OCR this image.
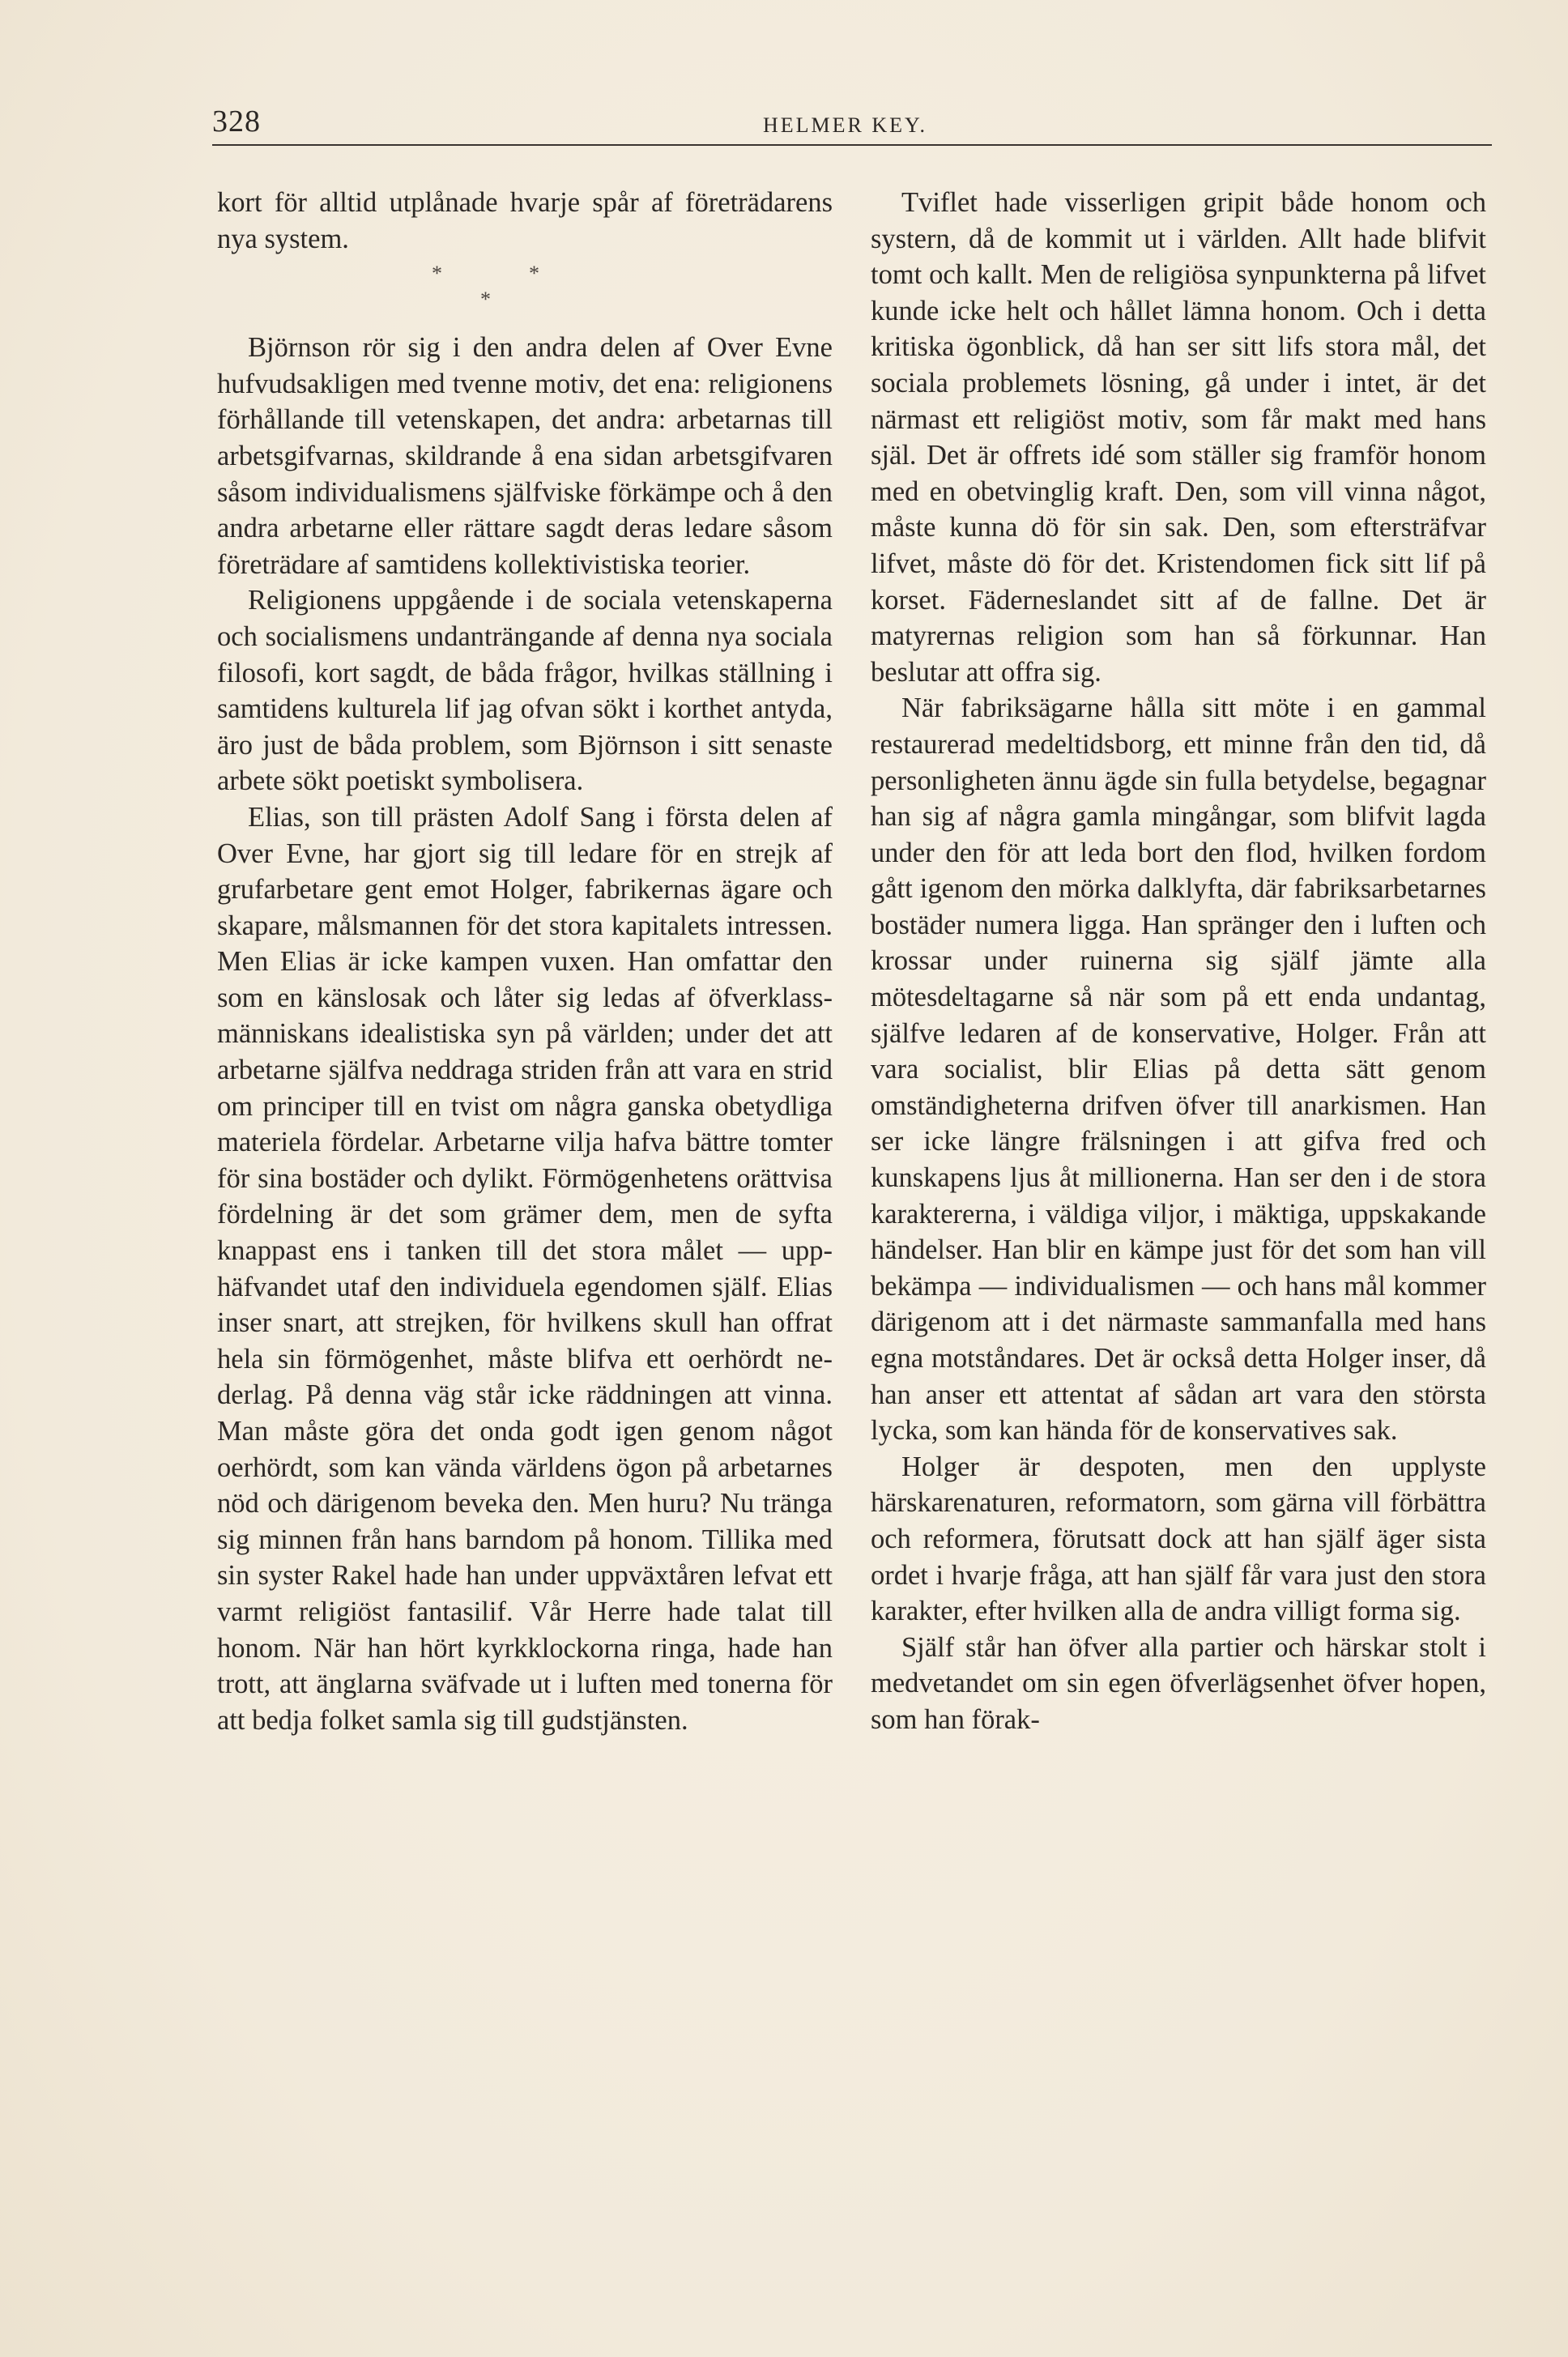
328	HELMER KEY.

kort för alltid utplånade hvarje spår af företrädarens nya system.

*	*
*

Björnson rör sig i den andra delen af Over Evne hufvudsakligen med tvenne motiv, det ena: religionens förhållande till vetenskapen, det andra: arbetarnas till arbetsgifvarnas, skildrande å ena sidan arbetsgifvaren såsom individualismens själfviske förkämpe och å den andra arbetarne eller rättare sagdt deras ledare såsom företrädare af samtidens kollektivistiska teorier.

Religionens uppgående i de sociala vetenskaperna och socialismens undanträngande af denna nya sociala filosofi, kort sagdt, de båda frågor, hvilkas ställning i samtidens kulturela lif jag ofvan sökt i korthet antyda, äro just de båda problem, som Björnson i sitt senaste arbete sökt poetiskt symbolisera.

Elias, son till prästen Adolf Sang i första delen af Over Evne, har gjort sig till ledare för en strejk af grufarbetare gent emot Holger, fabrikernas ägare och skapare, målsmannen för det stora kapitalets intressen. Men Elias är icke kampen vuxen. Han omfattar den som en känslosak och låter sig ledas af öfverklassmänniskans idealistiska syn på världen; under det att arbetarne själfva neddraga striden från att vara en strid om principer till en tvist om några ganska obetydliga materiela fördelar. Arbetarne vilja hafva bättre tomter för sina bostäder och dylikt. Förmögenhetens orättvisa fördelning är det som grämer dem, men de syfta knappast ens i tanken till det stora målet — upphäfvandet utaf den individuela egendomen själf. Elias inser snart, att strejken, för hvilkens skull han offrat hela sin förmögenhet, måste blifva ett oerhördt nederlag. På denna väg står icke räddningen att vinna. Man måste göra det onda godt igen genom något oerhördt, som kan vända världens ögon på arbetarnes nöd och därigenom beveka den. Men huru? Nu tränga sig minnen från hans barndom på honom. Tillika med sin syster Rakel hade han under uppväxtåren lefvat ett varmt religiöst fantasilif. Vår Herre hade talat till honom. När han hört kyrkklockorna ringa, hade han trott, att änglarna sväfvade ut i luften med tonerna för att bedja folket samla sig till gudstjänsten.

Tviflet hade visserligen gripit både honom och systern, då de kommit ut i världen. Allt hade blifvit tomt och kallt. Men de religiösa synpunkterna på lifvet kunde icke helt och hållet lämna honom. Och i detta kritiska ögonblick, då han ser sitt lifs stora mål, det sociala problemets lösning, gå under i intet, är det närmast ett religiöst motiv, som får makt med hans själ. Det är offrets idé som ställer sig framför honom med en obetvinglig kraft. Den, som vill vinna något, måste kunna dö för sin sak. Den, som eftersträfvar lifvet, måste dö för det. Kristendomen fick sitt lif på korset. Fäderneslandet sitt af de fallne. Det är matyrernas religion som han så förkunnar. Han beslutar att offra sig.

När fabriksägarne hålla sitt möte i en gammal restaurerad medeltidsborg, ett minne från den tid, då personligheten ännu ägde sin fulla betydelse, begagnar han sig af några gamla mingångar, som blifvit lagda under den för att leda bort den flod, hvilken fordom gått igenom den mörka dalklyfta, där fabriksarbetarnes bostäder numera ligga. Han spränger den i luften och krossar under ruinerna sig själf jämte alla mötesdeltagarne så när som på ett enda undantag, själfve ledaren af de konservative, Holger. Från att vara socialist, blir Elias på detta sätt genom omständigheterna drifven öfver till anarkismen. Han ser icke längre frälsningen i att gifva fred och kunskapens ljus åt millionerna. Han ser den i de stora karaktererna, i väldiga viljor, i mäktiga, uppskakande händelser. Han blir en kämpe just för det som han vill bekämpa — individualismen — och hans mål kommer därigenom att i det närmaste sammanfalla med hans egna motståndares. Det är också detta Holger inser, då han anser ett attentat af sådan art vara den största lycka, som kan hända för de konservatives sak.

Holger är despoten, men den upplyste härskarenaturen, reformatorn, som gärna vill förbättra och reformera, förutsatt dock att han själf äger sista ordet i hvarje fråga, att han själf får vara just den stora karakter, efter hvilken alla de andra villigt forma sig.

Själf står han öfver alla partier och härskar stolt i medvetandet om sin egen öfverlägsenhet öfver hopen, som han förak-
